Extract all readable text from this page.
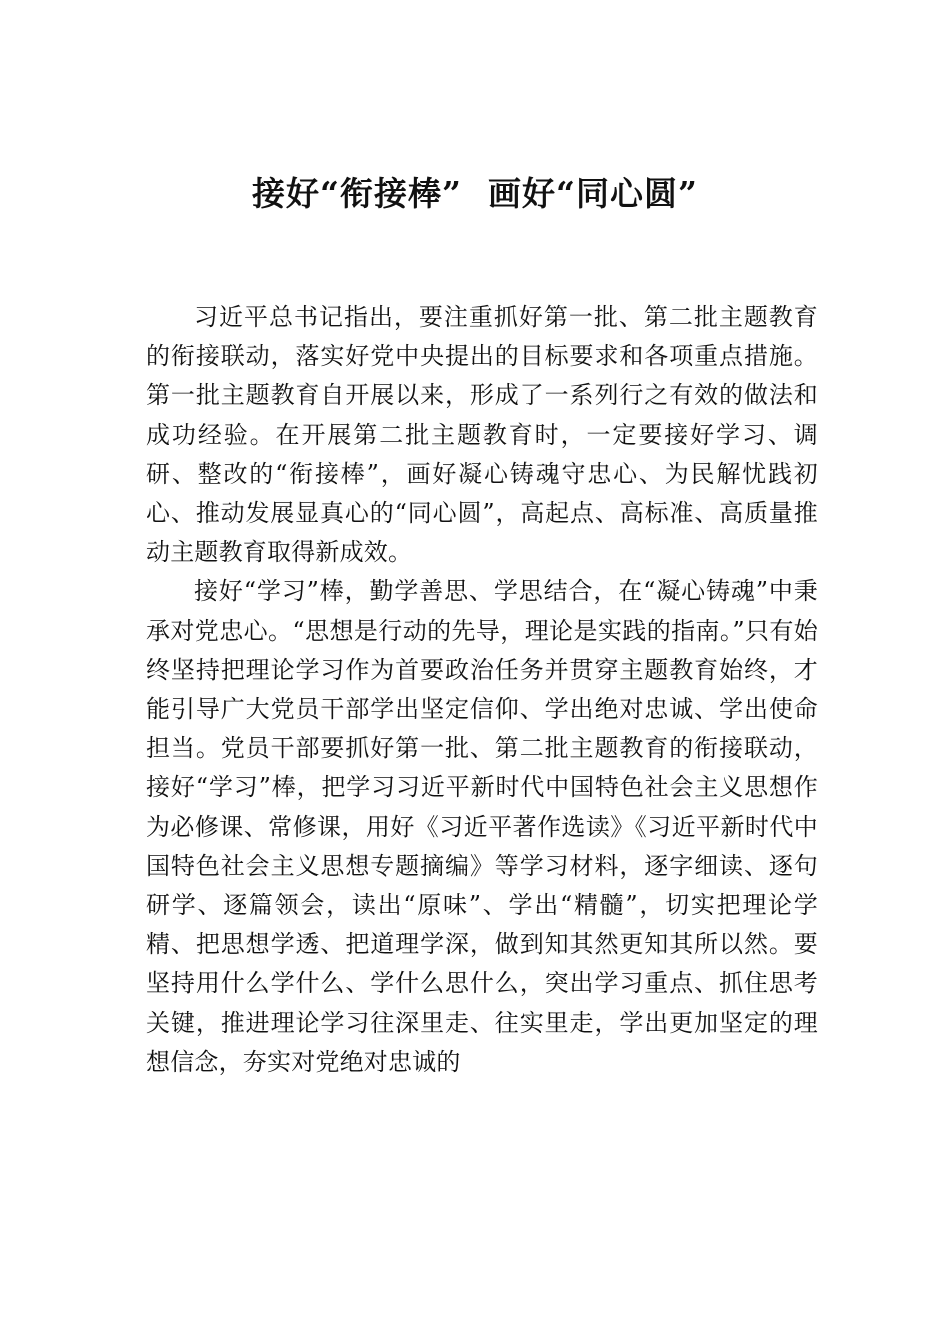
接好“衔接棒” 画好“同心圆”

习近平总书记指出，要注重抓好第一批、第二批主题教育的衔接联动，落实好党中央提出的目标要求和各项重点措施。第一批主题教育自开展以来，形成了一系列行之有效的做法和成功经验。在开展第二批主题教育时，一定要接好学习、调研、整改的“衔接棒”，画好凝心铸魂守忠心、为民解忧践初心、推动发展显真心的“同心圆”，高起点、高标准、高质量推动主题教育取得新成效。

接好“学习”棒，勤学善思、学思结合，在“凝心铸魂”中秉承对党忠心。“思想是行动的先导，理论是实践的指南。”只有始终坚持把理论学习作为首要政治任务并贯穿主题教育始终，才能引导广大党员干部学出坚定信仰、学出绝对忠诚、学出使命担当。党员干部要抓好第一批、第二批主题教育的衔接联动，接好“学习”棒，把学习习近平新时代中国特色社会主义思想作为必修课、常修课，用好《习近平著作选读》《习近平新时代中国特色社会主义思想专题摘编》等学习材料，逐字细读、逐句研学、逐篇领会，读出“原味”、学出“精髓”，切实把理论学精、把思想学透、把道理学深，做到知其然更知其所以然。要坚持用什么学什么、学什么思什么，突出学习重点、抓住思考关键，推进理论学习往深里走、往实里走，学出更加坚定的理想信念，夯实对党绝对忠诚的
